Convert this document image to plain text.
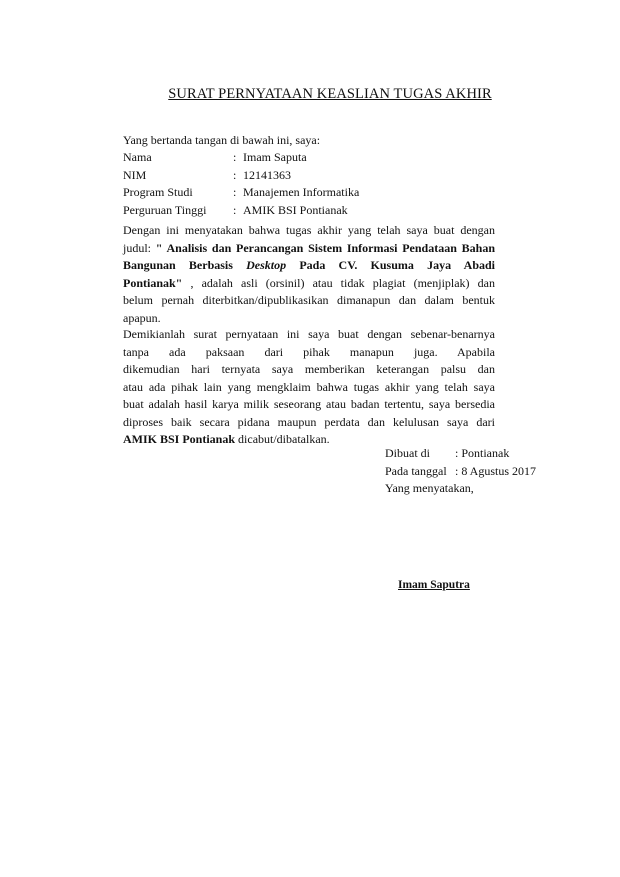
SURAT PERNYATAAN KEASLIAN TUGAS AKHIR
Yang bertanda tangan di bawah ini, saya:
Nama	: Imam Saputa
NIM	: 12141363
Program Studi	: Manajemen Informatika
Perguruan Tinggi	: AMIK BSI Pontianak
Dengan ini menyatakan bahwa tugas akhir yang telah saya buat dengan
judul: " Analisis dan Perancangan Sistem Informasi Pendataan Bahan
Bangunan Berbasis Desktop Pada CV. Kusuma Jaya Abadi
Pontianak" , adalah asli (orsinil) atau tidak plagiat (menjiplak) dan
belum pernah diterbitkan/dipublikasikan dimanapun dan dalam bentuk
apapun.
Demikianlah surat pernyataan ini saya buat dengan sebenar-benarnya
tanpa ada paksaan dari pihak manapun juga. Apabila
dikemudian hari ternyata saya memberikan keterangan palsu dan
atau ada pihak lain yang mengklaim bahwa tugas akhir yang telah saya
buat adalah hasil karya milik seseorang atau badan tertentu, saya bersedia
diproses baik secara pidana maupun perdata dan kelulusan saya dari
AMIK BSI Pontianak dicabut/dibatalkan.
Dibuat di	: Pontianak
Pada tanggal : 8 Agustus 2017
Yang menyatakan,
Imam Saputra
